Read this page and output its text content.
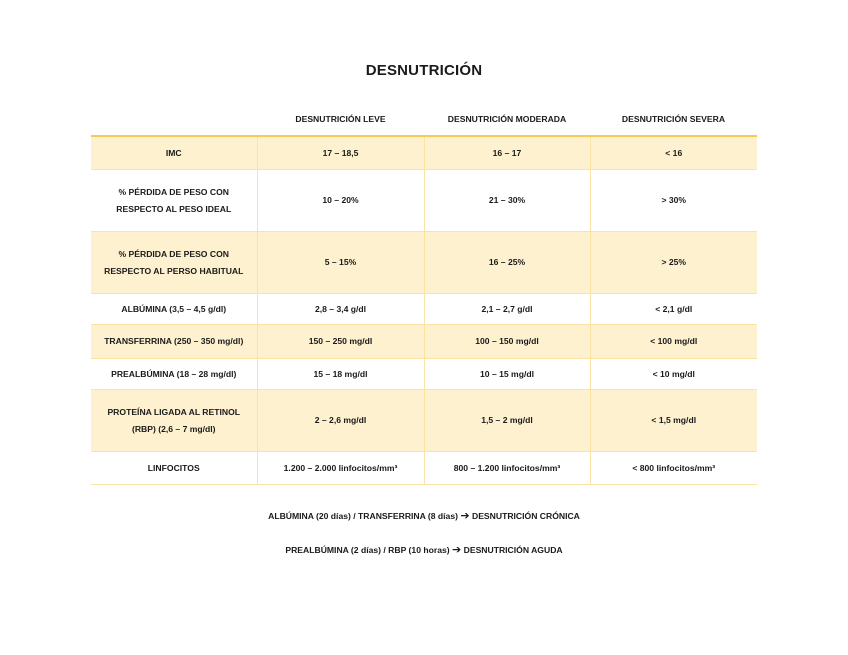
DESNUTRICIÓN
	DESNUTRICIÓN LEVE	DESNUTRICIÓN MODERADA	DESNUTRICIÓN SEVERA
IMC	17 – 18,5	16 – 17	< 16
% PÉRDIDA DE PESO CON RESPECTO AL PESO IDEAL	10 – 20%	21 – 30%	> 30%
% PÉRDIDA DE PESO CON RESPECTO AL PERSO HABITUAL	5 – 15%	16 – 25%	> 25%
ALBÚMINA (3,5 – 4,5 g/dl)	2,8 – 3,4 g/dl	2,1 – 2,7 g/dl	< 2,1 g/dl
TRANSFERRINA (250 – 350 mg/dl)	150 – 250 mg/dl	100 – 150 mg/dl	< 100 mg/dl
PREALBÚMINA (18 – 28 mg/dl)	15 – 18 mg/dl	10 – 15 mg/dl	< 10 mg/dl
PROTEÍNA LIGADA AL RETINOL (RBP) (2,6 – 7 mg/dl)	2 – 2,6 mg/dl	1,5 – 2 mg/dl	< 1,5 mg/dl
LINFOCITOS	1.200 – 2.000 linfocitos/mm³	800 – 1.200 linfocitos/mm³	< 800 linfocitos/mm³
ALBÚMINA (20 días) / TRANSFERRINA (8 días) ➔ DESNUTRICIÓN CRÓNICA
PREALBÚMINA (2 días) / RBP (10 horas) ➔ DESNUTRICIÓN AGUDA
